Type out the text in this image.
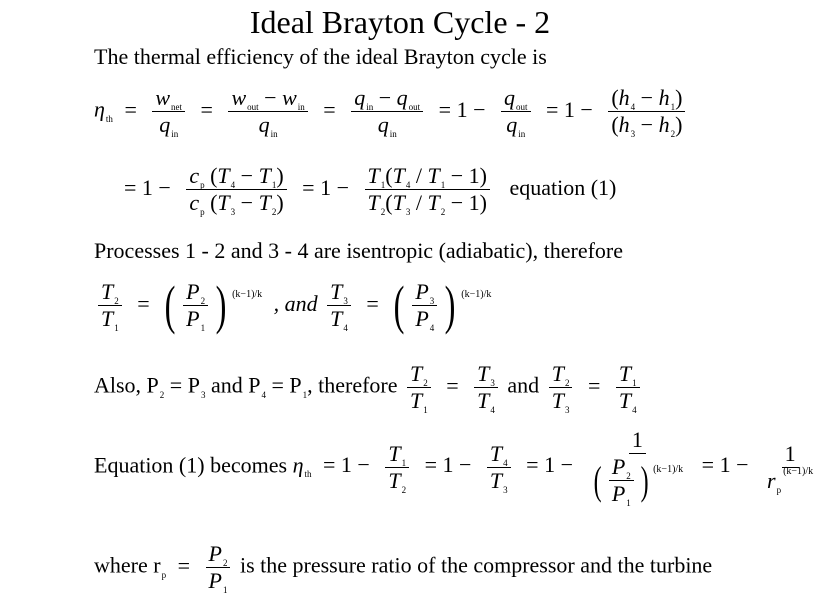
Ideal Brayton Cycle - 2
The thermal efficiency of the ideal Brayton cycle is
$\eta_{th} = \frac{w_{net}}{q_{in}} = \frac{w_{out} - w_{in}}{q_{in}} = \frac{q_{in} - q_{out}}{q_{in}} = 1 - \frac{q_{out}}{q_{in}} = 1 - \frac{(h_4 - h_1)}{(h_3 - h_2)}$
= $1 - \frac{c_p (T_4 - T_1)}{c_p (T_3 - T_2)} = 1 - \frac{T_1(T_4 / T_1 - 1)}{T_2(T_3 / T_2 - 1)}$ equation (1)
Processes 1 - 2 and 3 - 4 are isentropic (adiabatic), therefore
$\frac{T_2}{T_1}$ = ( $\frac{P_2}{P_1}$ ) $^{(k-1)/k}$ , and $\frac{T_3}{T_4}$ = ( $\frac{P_3}{P_4}$ ) $^{(k-1)/k}$
Also, $P_2 = P_3$ and $P_4 = P_1$, therefore $\frac{T_2}{T_1} = \frac{T_3}{T_4}$ and $\frac{T_2}{T_3} = \frac{T_1}{T_4}$
Equation (1) becomes $\eta_{th} = 1 - \frac{T_1}{T_2} = 1 - \frac{T_4}{T_3} = 1 - \frac{1}{( \frac{P_2}{P_1} ) ^{(k-1)/k}} = 1 - \frac{1}{r_p^{(k-1)/k}}$
where $r_p = \frac{P_2}{P_1}$ is the pressure ratio of the compressor and the turbine
